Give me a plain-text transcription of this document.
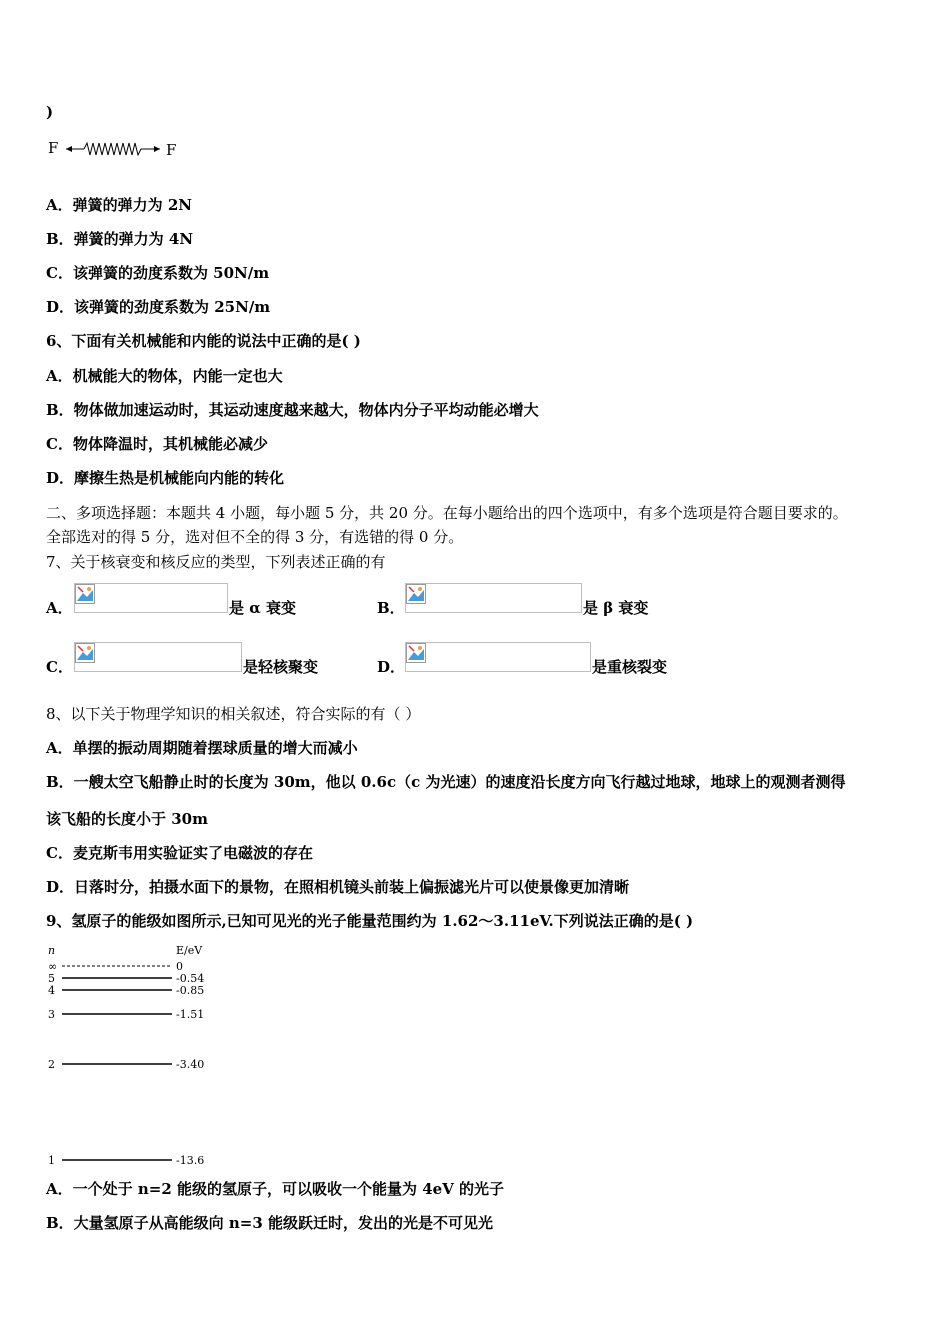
)
F	F
A．弹簧的弹力为 2N
B．弹簧的弹力为 4N
C．该弹簧的劲度系数为 50N/m
D．该弹簧的劲度系数为 25N/m
6、下面有关机械能和内能的说法中正确的是( )
A．机械能大的物体，内能一定也大
B．物体做加速运动时，其运动速度越来越大，物体内分子平均动能必增大
C．物体降温时，其机械能必减少
D．摩擦生热是机械能向内能的转化
二、多项选择题：本题共 4 小题，每小题 5 分，共 20 分。在每小题给出的四个选项中，有多个选项是符合题目要求的。
全部选对的得 5 分，选对但不全的得 3 分，有选错的得 0 分。
7、关于核衰变和核反应的类型，下列表述正确的有
A．	是 α 衰变	B．	是 β 衰变
C．	是轻核聚变	D．	是重核裂变
8、以下关于物理学知识的相关叙述，符合实际的有（ ）
A．单摆的振动周期随着摆球质量的增大而减小
B．一艘太空飞船静止时的长度为 30m，他以 0.6c（c 为光速）的速度沿长度方向飞行越过地球，地球上的观测者测得
该飞船的长度小于 30m
C．麦克斯韦用实验证实了电磁波的存在
D．日落时分，拍摄水面下的景物，在照相机镜头前装上偏振滤光片可以使景像更加清晰
9、氢原子的能级如图所示,已知可见光的光子能量范围约为 1.62～3.11eV.下列说法正确的是( )
n	E/eV
∞	0
5	-0.54
4	-0.85
3	-1.51
2	-3.40
1	-13.6
A．一个处于 n=2 能级的氢原子，可以吸收一个能量为 4eV 的光子
B．大量氢原子从高能级向 n=3 能级跃迁时，发出的光是不可见光
